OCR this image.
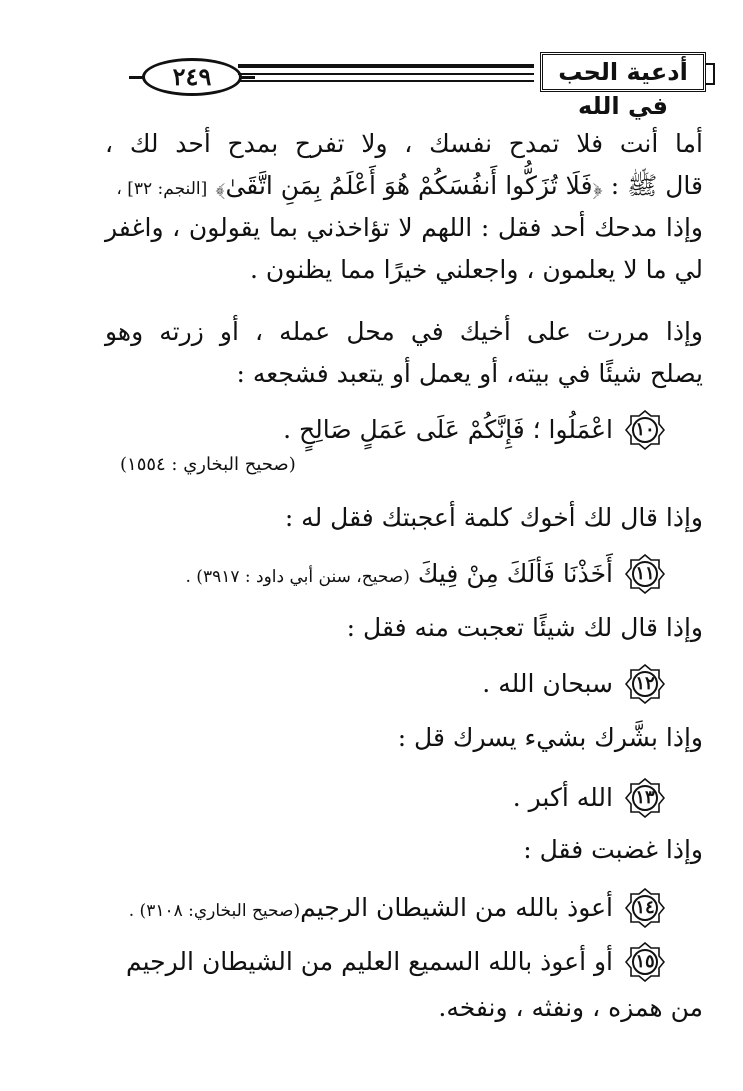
٢٤٩	أدعية الحب في الله
أما أنت فلا تمدح نفسك ، ولا تفرح بمدح أحد لك ،
قال ﷺ : ﴿فَلَا تُزَكُّوا أَنفُسَكُمْ هُوَ أَعْلَمُ بِمَنِ اتَّقَىٰ﴾ [النجم: ٣٢] ،
وإذا مدحك أحد فقل : اللهم لا تؤاخذني بما يقولون ، واغفر
لي ما لا يعلمون ، واجعلني خيرًا مما يظنون .
وإذا مررت على أخيك في محل عمله ، أو زرته وهو
يصلح شيئًا في بيته، أو يعمل أو يتعبد فشجعه :
١٠
اعْمَلُوا ؛ فَإِنَّكُمْ عَلَى عَمَلٍ صَالِحٍ .
(صحيح البخاري : ١٥٥٤)
وإذا قال لك أخوك كلمة أعجبتك فقل له :
١١
أَخَذْنَا فَألَكَ مِنْ فِيكَ (صحيح، سنن أبي داود : ٣٩١٧) .
وإذا قال لك شيئًا تعجبت منه فقل :
١٢
سبحان الله .
وإذا بشَّرك بشيء يسرك قل :
١٣
الله أكبر .
وإذا غضبت فقل :
١٤
أعوذ بالله من الشيطان الرجيم(صحيح البخاري: ٣١٠٨) .
١٥
أو أعوذ بالله السميع العليم من الشيطان الرجيم
من همزه ، ونفثه ، ونفخه.
